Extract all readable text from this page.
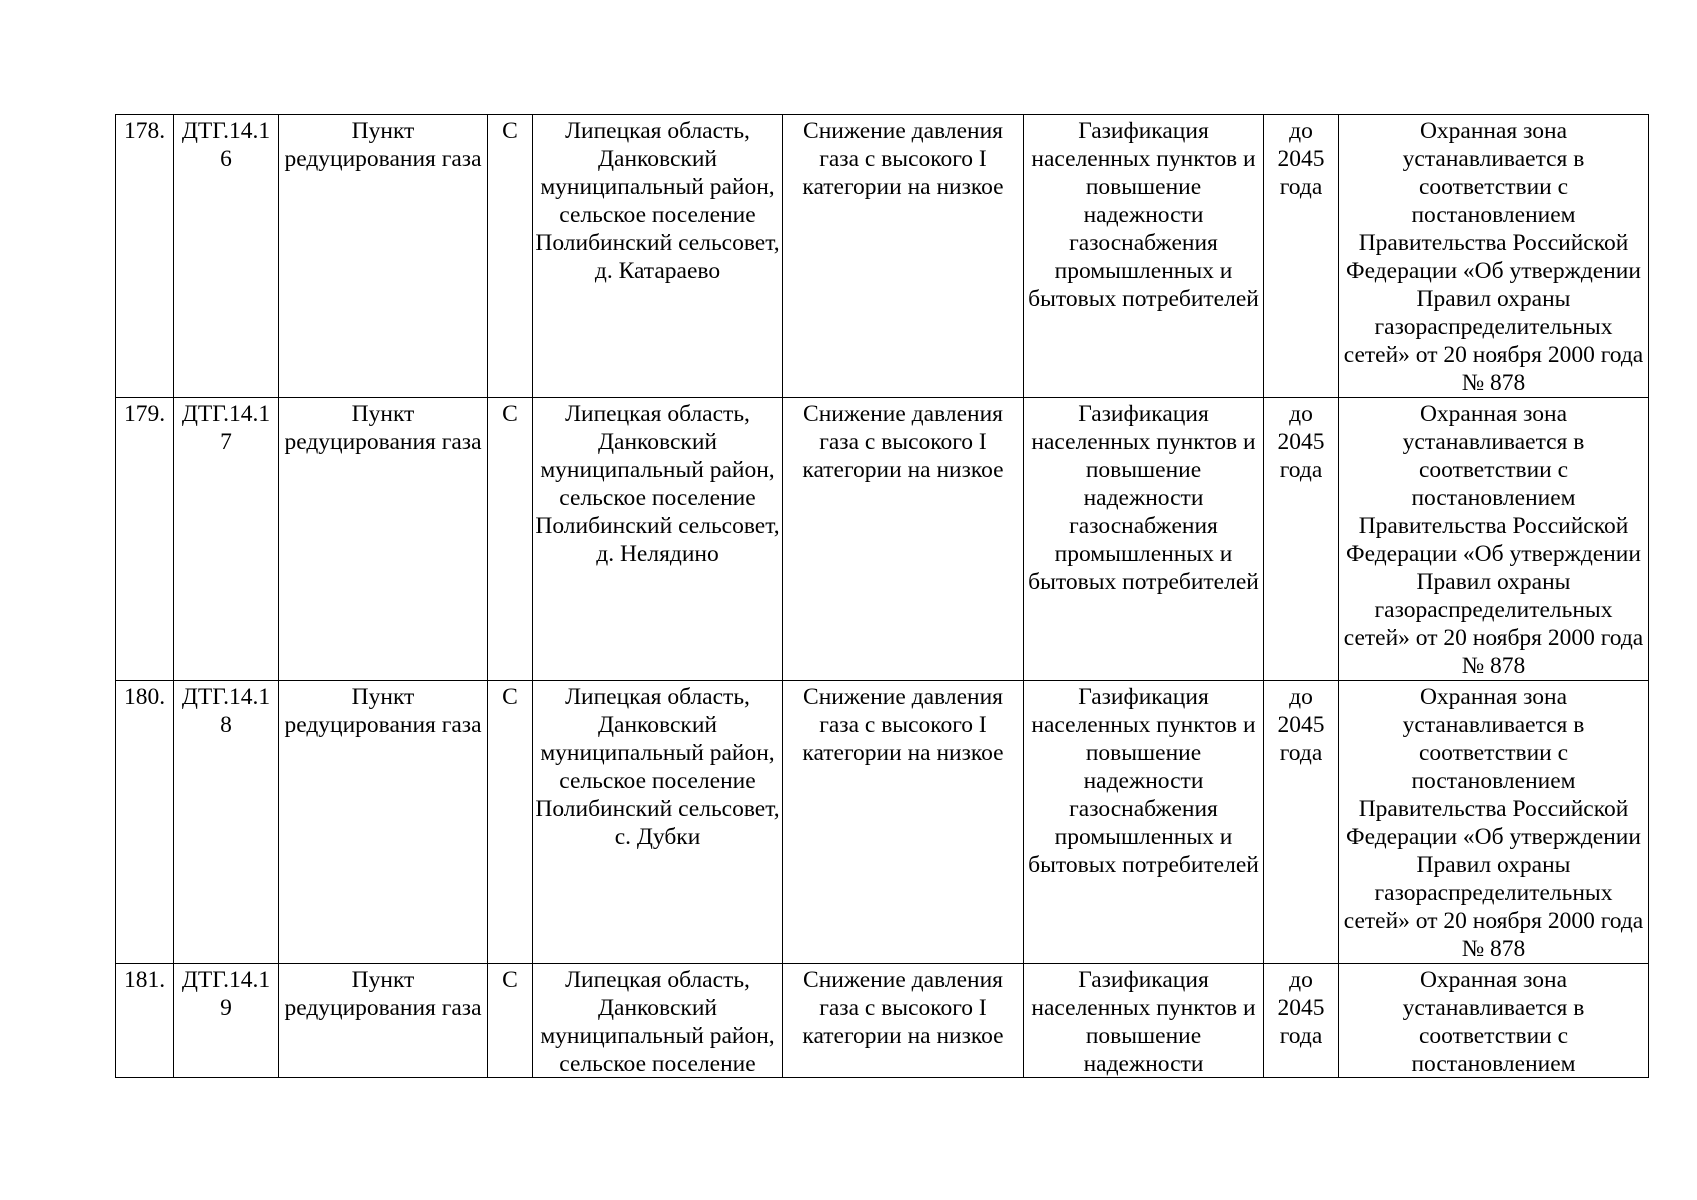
178.	ДТГ.14.1 6	Пункт редуцирования газа	С	Липецкая область, Данковский муниципальный район, сельское поселение Полибинский сельсовет, д. Катараево	Снижение давления газа с высокого I категории на низкое	Газификация населенных пунктов и повышение надежности газоснабжения промышленных и бытовых потребителей	до 2045 года	Охранная зона устанавливается в соответствии с постановлением Правительства Российской Федерации «Об утверждении Правил охраны газораспределительных сетей» от 20 ноября 2000 года № 878
179.	ДТГ.14.1 7	Пункт редуцирования газа	С	Липецкая область, Данковский муниципальный район, сельское поселение Полибинский сельсовет, д. Нелядино	Снижение давления газа с высокого I категории на низкое	Газификация населенных пунктов и повышение надежности газоснабжения промышленных и бытовых потребителей	до 2045 года	Охранная зона устанавливается в соответствии с постановлением Правительства Российской Федерации «Об утверждении Правил охраны газораспределительных сетей» от 20 ноября 2000 года № 878
180.	ДТГ.14.1 8	Пункт редуцирования газа	С	Липецкая область, Данковский муниципальный район, сельское поселение Полибинский сельсовет, с. Дубки	Снижение давления газа с высокого I категории на низкое	Газификация населенных пунктов и повышение надежности газоснабжения промышленных и бытовых потребителей	до 2045 года	Охранная зона устанавливается в соответствии с постановлением Правительства Российской Федерации «Об утверждении Правил охраны газораспределительных сетей» от 20 ноября 2000 года № 878

181.	ДТГ.14.1 9	Пункт редуцирования газа	С	Липецкая область, Данковский муниципальный район, сельское поселение	Снижение давления газа с высокого I категории на низкое	Газификация населенных пунктов и повышение надежности	до 2045 года	Охранная зона устанавливается в соответствии с постановлением
